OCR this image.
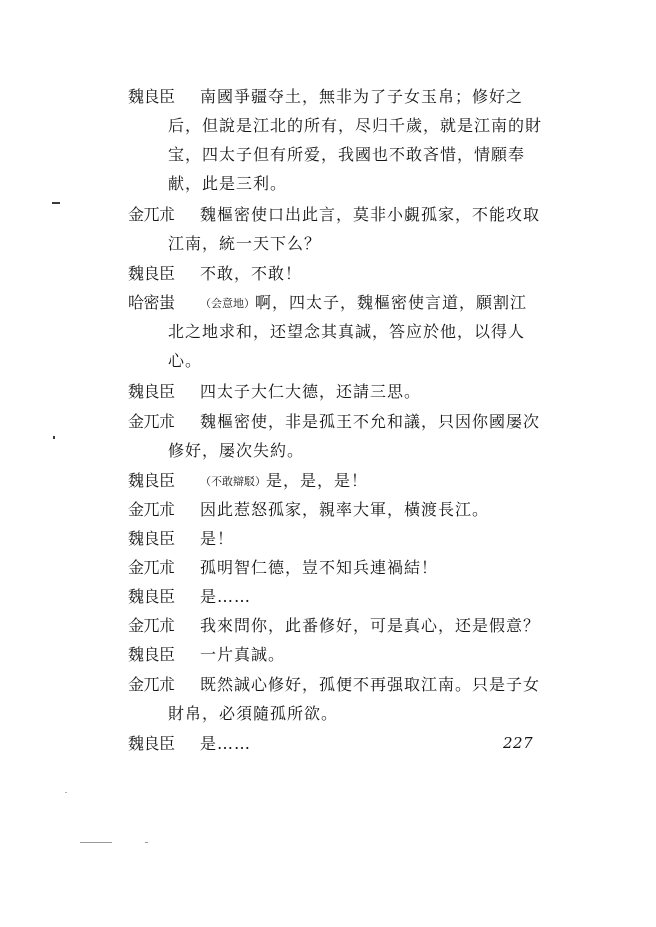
魏良臣	南國爭疆夺土，無非为了子女玉帛；修好之
后，但說是江北的所有，尽归千歲，就是江南的財
宝，四太子但有所爱，我國也不敢吝惜，情願奉
献，此是三利。
金兀朮	魏樞密使口出此言，莫非小覷孤家，不能攻取
江南，統一天下么？
魏良臣	不敢，不敢！
哈密蚩	（会意地）啊，四太子，魏樞密使言道，願割江
北之地求和，还望念其真誠，答应於他，以得人
心。
魏良臣	四太子大仁大德，还請三思。
金兀朮	魏樞密使，非是孤王不允和議，只因你國屡次
修好，屡次失約。
魏良臣	（不敢辯駁）是，是，是！
金兀朮	因此惹怒孤家，親率大軍，橫渡長江。
魏良臣	是！
金兀朮	孤明智仁德，豈不知兵連禍結！
魏良臣	是……
金兀朮	我來問你，此番修好，可是真心，还是假意？
魏良臣	一片真誠。
金兀朮	既然誠心修好，孤便不再强取江南。只是子女
財帛，必須隨孤所欲。
魏良臣	是……	227
